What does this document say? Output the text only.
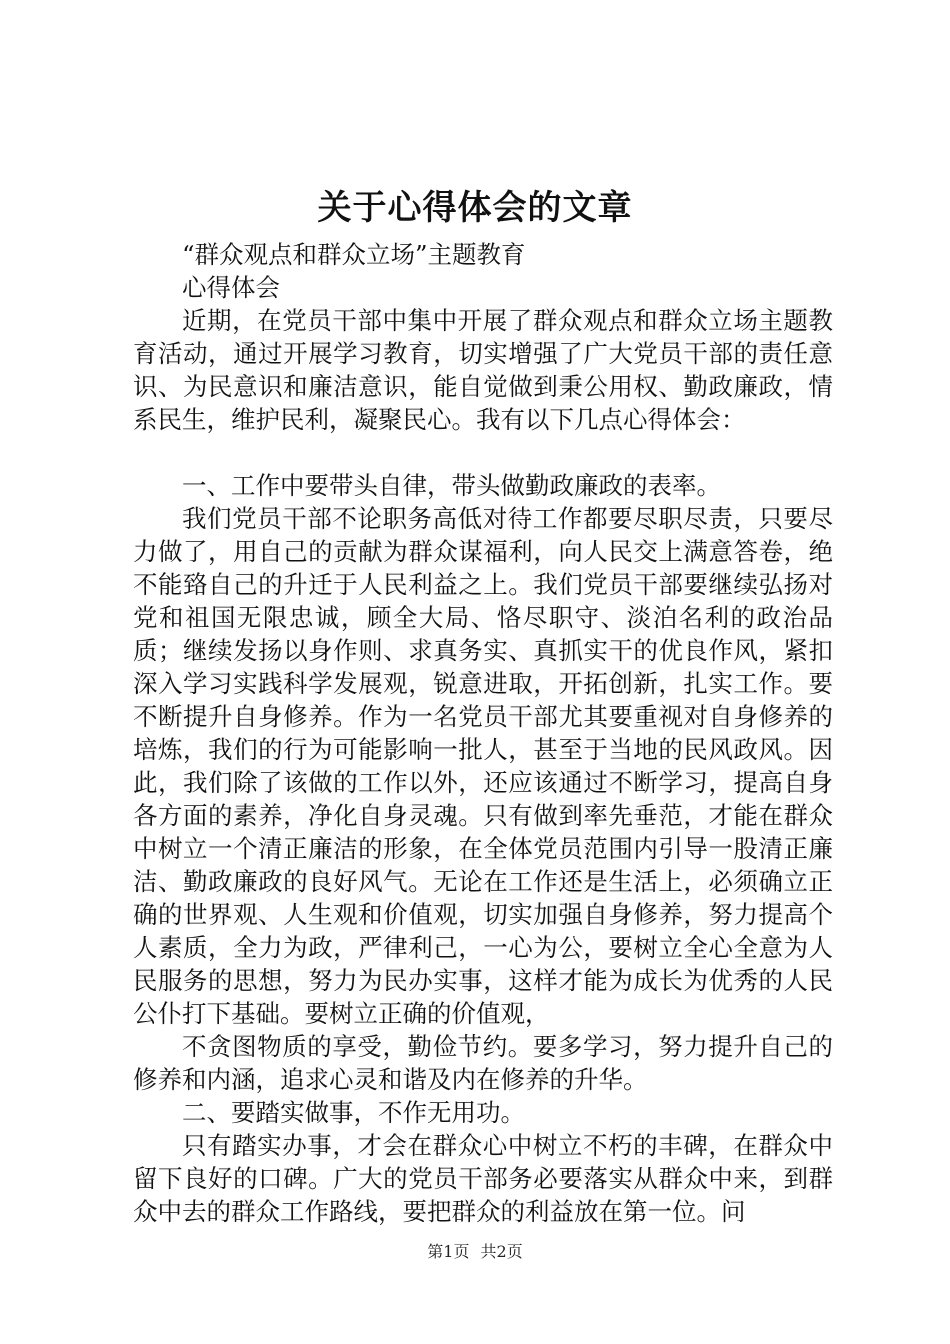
关于心得体会的文章

“群众观点和群众立场”主题教育

心得体会

近期，在党员干部中集中开展了群众观点和群众立场主题教育活动，通过开展学习教育，切实增强了广大党员干部的责任意识、为民意识和廉洁意识，能自觉做到秉公用权、勤政廉政，情系民生，维护民利，凝聚民心。我有以下几点心得体会：

一、工作中要带头自律，带头做勤政廉政的表率。

我们党员干部不论职务高低对待工作都要尽职尽责，只要尽力做了，用自己的贡献为群众谋福利，向人民交上满意答卷，绝不能臵自己的升迁于人民利益之上。我们党员干部要继续弘扬对党和祖国无限忠诚，顾全大局、恪尽职守、淡泊名利的政治品质；继续发扬以身作则、求真务实、真抓实干的优良作风，紧扣深入学习实践科学发展观，锐意进取，开拓创新，扎实工作。要不断提升自身修养。作为一名党员干部尤其要重视对自身修养的培炼，我们的行为可能影响一批人，甚至于当地的民风政风。因此，我们除了该做的工作以外，还应该通过不断学习，提高自身各方面的素养，净化自身灵魂。只有做到率先垂范，才能在群众中树立一个清正廉洁的形象，在全体党员范围内引导一股清正廉洁、勤政廉政的良好风气。无论在工作还是生活上，必须确立正确的世界观、人生观和价值观，切实加强自身修养，努力提高个人素质，全力为政，严律利己，一心为公，要树立全心全意为人民服务的思想，努力为民办实事，这样才能为成长为优秀的人民公仆打下基础。要树立正确的价值观，

不贪图物质的享受，勤俭节约。要多学习，努力提升自己的修养和内涵，追求心灵和谐及内在修养的升华。

二、要踏实做事，不作无用功。

只有踏实办事，才会在群众心中树立不朽的丰碑，在群众中留下良好的口碑。广大的党员干部务必要落实从群众中来，到群众中去的群众工作路线，要把群众的利益放在第一位。问

第1页 共2页
